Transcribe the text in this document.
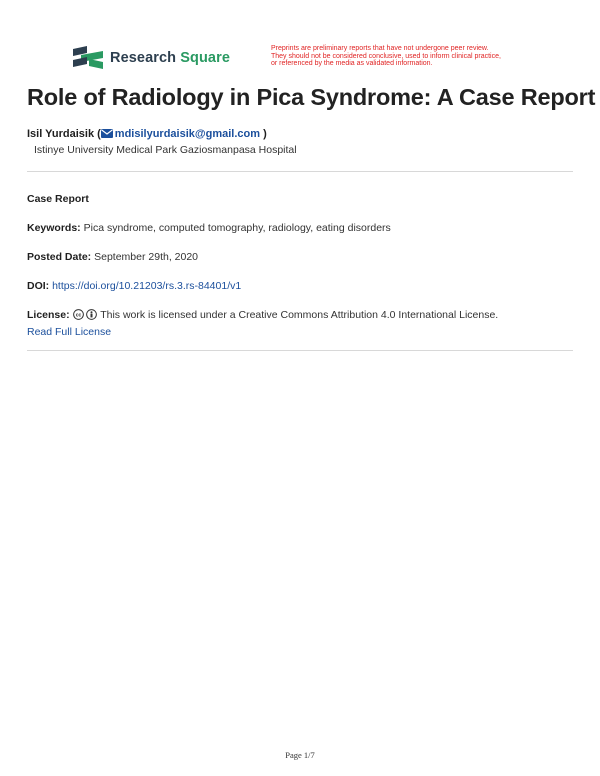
Research Square
Preprints are preliminary reports that have not undergone peer review.
They should not be considered conclusive, used to inform clinical practice,
or referenced by the media as validated information.
Role of Radiology in Pica Syndrome: A Case Report
Isil Yurdaisik ( mdisilyurdaisik@gmail.com )
Istinye University Medical Park Gaziosmanpasa Hospital
Case Report
Keywords: Pica syndrome, computed tomography, radiology, eating disorders
Posted Date: September 29th, 2020
DOI: https://doi.org/10.21203/rs.3.rs-84401/v1
License: cc This work is licensed under a Creative Commons Attribution 4.0 International License.
Read Full License
Page 1/7
